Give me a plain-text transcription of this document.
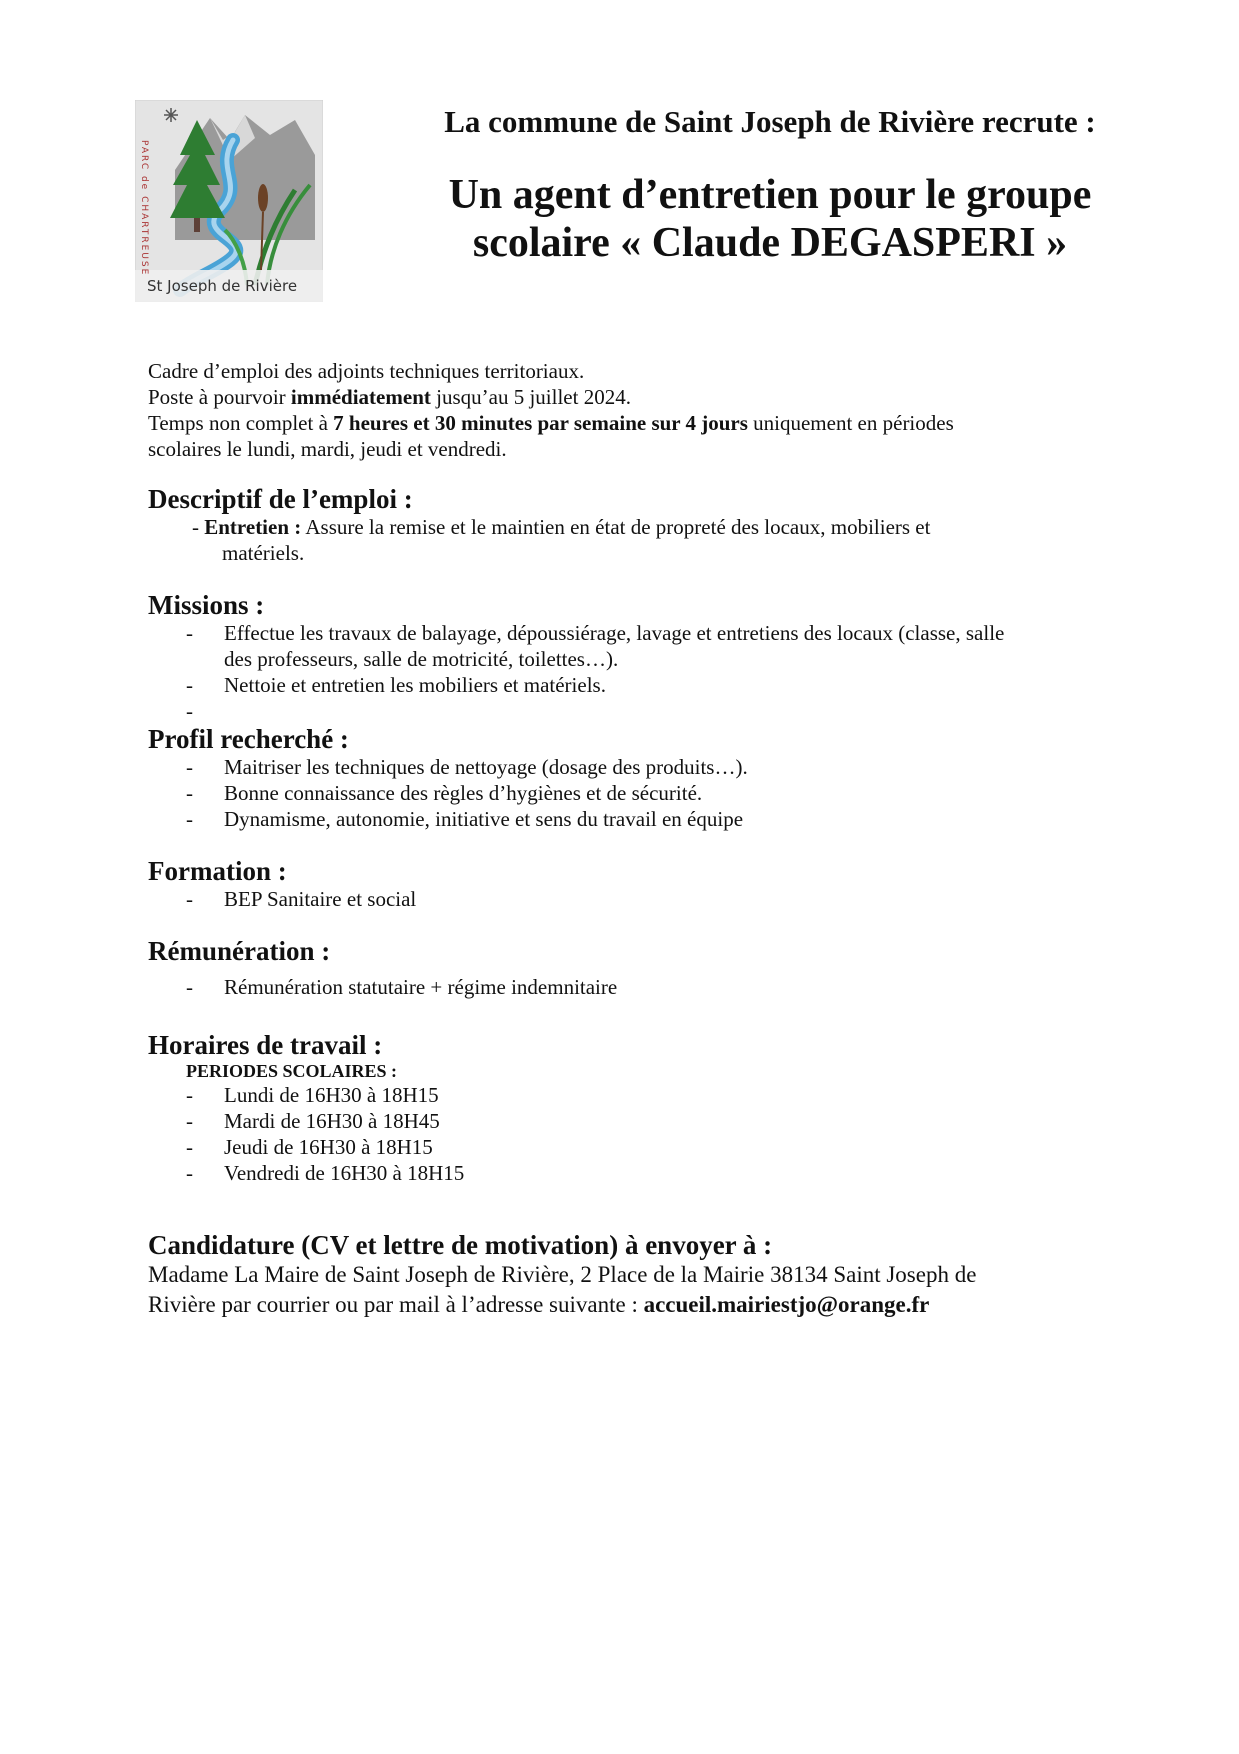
PARC de CHARTREUSE
St Joseph de Rivière
La commune de Saint Joseph de Rivière recrute :
Un agent d’entretien pour le groupe
scolaire « Claude DEGASPERI »

Cadre d’emploi des adjoints techniques territoriaux.

Poste à pourvoir immédiatement jusqu’au 5 juillet 2024.

Temps non complet à 7 heures et 30 minutes par semaine sur 4 jours uniquement en périodes

scolaires le lundi, mardi, jeudi et vendredi.

Descriptif de l’emploi :
- Entretien : Assure la remise et le maintien en état de propreté des locaux, mobiliers et
matériels.
Missions :
- Effectue les travaux de balayage, dépoussiérage, lavage et entretiens des locaux (classe, salle
des professeurs, salle de motricité, toilettes…).
- Nettoie et entretien les mobiliers et matériels.
-
Profil recherché :
- Maitriser les techniques de nettoyage (dosage des produits…).
- Bonne connaissance des règles d’hygiènes et de sécurité.
- Dynamisme, autonomie, initiative et sens du travail en équipe
Formation :
- BEP Sanitaire et social
Rémunération :
- Rémunération statutaire + régime indemnitaire
Horaires de travail :
PERIODES SCOLAIRES :
- Lundi de 16H30 à 18H15
- Mardi de 16H30 à 18H45
- Jeudi de 16H30 à 18H15
- Vendredi de 16H30 à 18H15
Candidature (CV et lettre de motivation) à envoyer à :

Madame La Maire de Saint Joseph de Rivière, 2 Place de la Mairie 38134 Saint Joseph de

Rivière par courrier ou par mail à l’adresse suivante : accueil.mairiestjo@orange.fr
